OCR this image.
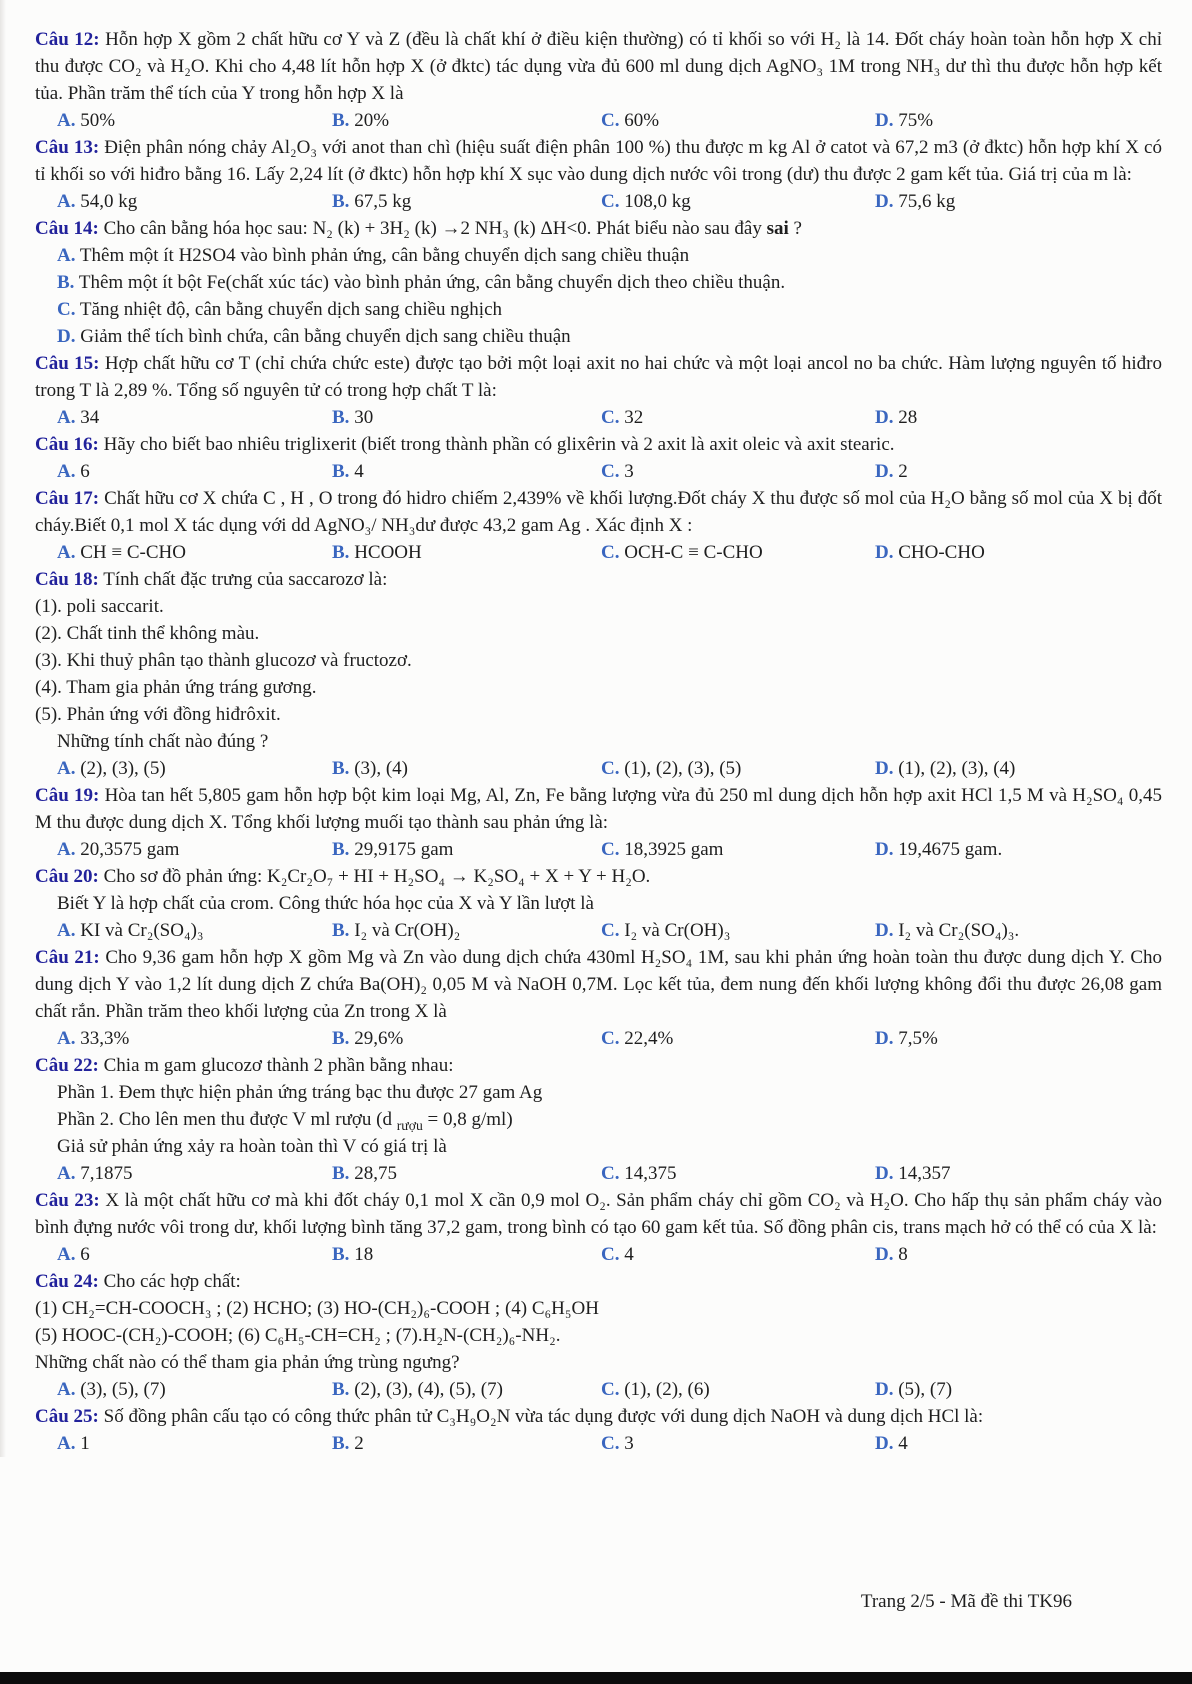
Câu 12: Hỗn hợp X gồm 2 chất hữu cơ Y và Z (đều là chất khí ở điều kiện thường) có tỉ khối so với H₂ là 14. Đốt cháy hoàn toàn hỗn hợp X chỉ thu được CO₂ và H₂O. Khi cho 4,48 lít hỗn hợp X (ở đktc) tác dụng vừa đủ 600 ml dung dịch AgNO₃ 1M trong NH₃ dư thì thu được hỗn hợp kết tủa. Phần trăm thể tích của Y trong hỗn hợp X là

A. 50%	B. 20%	C. 60%	D. 75%

Câu 13: Điện phân nóng chảy Al₂O₃ với anot than chì (hiệu suất điện phân 100 %) thu được m kg Al ở catot và 67,2 m3 (ở đktc) hỗn hợp khí X có tỉ khối so với hiđro bằng 16. Lấy 2,24 lít (ở đktc) hỗn hợp khí X sục vào dung dịch nước vôi trong (dư) thu được 2 gam kết tủa. Giá trị của m là:

A. 54,0 kg	B. 67,5 kg	C. 108,0 kg	D. 75,6 kg

Câu 14: Cho cân bằng hóa học sau: N₂ (k) + 3H₂ (k) →2 NH₃ (k) ΔH<0. Phát biểu nào sau đây sai ?

A. Thêm một ít H2SO4 vào bình phản ứng, cân bằng chuyển dịch sang chiều thuận
B. Thêm một ít bột Fe(chất xúc tác) vào bình phản ứng, cân bằng chuyển dịch theo chiều thuận.
C. Tăng nhiệt độ, cân bằng chuyển dịch sang chiều nghịch
D. Giảm thể tích bình chứa, cân bằng chuyển dịch sang chiều thuận

Câu 15: Hợp chất hữu cơ T (chỉ chứa chức este) được tạo bởi một loại axit no hai chức và một loại ancol no ba chức. Hàm lượng nguyên tố hiđro trong T là 2,89 %. Tổng số nguyên tử có trong hợp chất T là:

A. 34	B. 30	C. 32	D. 28

Câu 16: Hãy cho biết bao nhiêu triglixerit (biết trong thành phần có glixêrin và 2 axit là axit oleic và axit stearic.

A. 6	B. 4	C. 3	D. 2

Câu 17: Chất hữu cơ X chứa C , H , O trong đó hidro chiếm 2,439% về khối lượng.Đốt cháy X thu được số mol của H₂O bằng số mol của X bị đốt cháy.Biết 0,1 mol X tác dụng với dd AgNO₃/ NH₃dư được 43,2 gam Ag . Xác định X :

A. CH ≡ C-CHO	B. HCOOH	C. OCH-C ≡ C-CHO	D. CHO-CHO

Câu 18: Tính chất đặc trưng của saccarozơ là:

(1). poli saccarit.
(2). Chất tinh thể không màu.
(3). Khi thuỷ phân tạo thành glucozơ và fructozơ.
(4). Tham gia phản ứng tráng gương.
(5). Phản ứng với đồng hiđrôxit.
Những tính chất nào đúng ?
A. (2), (3), (5)	B. (3), (4)	C. (1), (2), (3), (5)	D. (1), (2), (3), (4)

Câu 19: Hòa tan hết 5,805 gam hỗn hợp bột kim loại Mg, Al, Zn, Fe bằng lượng vừa đủ 250 ml dung dịch hỗn hợp axit HCl 1,5 M và H₂SO₄ 0,45 M thu được dung dịch X. Tổng khối lượng muối tạo thành sau phản ứng là:

A. 20,3575 gam	B. 29,9175 gam	C. 18,3925 gam	D. 19,4675 gam.

Câu 20: Cho sơ đồ phản ứng: K₂Cr₂O₇ + HI + H₂SO₄ → K₂SO₄ + X + Y + H₂O.

Biết Y là hợp chất của crom. Công thức hóa học của X và Y lần lượt là
A. KI và Cr₂(SO₄)₃	B. I₂ và Cr(OH)₂	C. I₂ và Cr(OH)₃	D. I₂ và Cr₂(SO₄)₃.

Câu 21: Cho 9,36 gam hỗn hợp X gồm Mg và Zn vào dung dịch chứa 430ml H₂SO₄ 1M, sau khi phản ứng hoàn toàn thu được dung dịch Y. Cho dung dịch Y vào 1,2 lít dung dịch Z chứa Ba(OH)₂ 0,05 M và NaOH 0,7M. Lọc kết tủa, đem nung đến khối lượng không đổi thu được 26,08 gam chất rắn. Phần trăm theo khối lượng của Zn trong X là

A. 33,3%	B. 29,6%	C. 22,4%	D. 7,5%

Câu 22: Chia m gam glucozơ thành 2 phần bằng nhau:

Phần 1. Đem thực hiện phản ứng tráng bạc thu được 27 gam Ag
Phần 2. Cho lên men thu được V ml rượu (d $_{rượu}$ = 0,8 g/ml)
Giả sử phản ứng xảy ra hoàn toàn thì V có giá trị là
A. 7,1875	B. 28,75	C. 14,375	D. 14,357

Câu 23: X là một chất hữu cơ mà khi đốt cháy 0,1 mol X cần 0,9 mol O₂. Sản phẩm cháy chỉ gồm CO₂ và H₂O. Cho hấp thụ sản phẩm cháy vào bình đựng nước vôi trong dư, khối lượng bình tăng 37,2 gam, trong bình có tạo 60 gam kết tủa. Số đồng phân cis, trans mạch hở có thể có của X là:

A. 6	B. 18	C. 4	D. 8

Câu 24: Cho các hợp chất:

(1) CH₂=CH-COOCH₃ ; (2) HCHO; (3) HO-(CH₂)₆-COOH ; (4) C₆H₅OH
(5) HOOC-(CH₂)-COOH; (6) C₆H₅-CH=CH₂ ; (7).H₂N-(CH₂)₆-NH₂.
Những chất nào có thể tham gia phản ứng trùng ngưng?
A. (3), (5), (7)	B. (2), (3), (4), (5), (7)	C. (1), (2), (6)	D. (5), (7)

Câu 25: Số đồng phân cấu tạo có công thức phân tử C₃H₉O₂N vừa tác dụng được với dung dịch NaOH và dung dịch HCl là:

A. 1	B. 2	C. 3	D. 4
Trang 2/5 - Mã đề thi TK96
